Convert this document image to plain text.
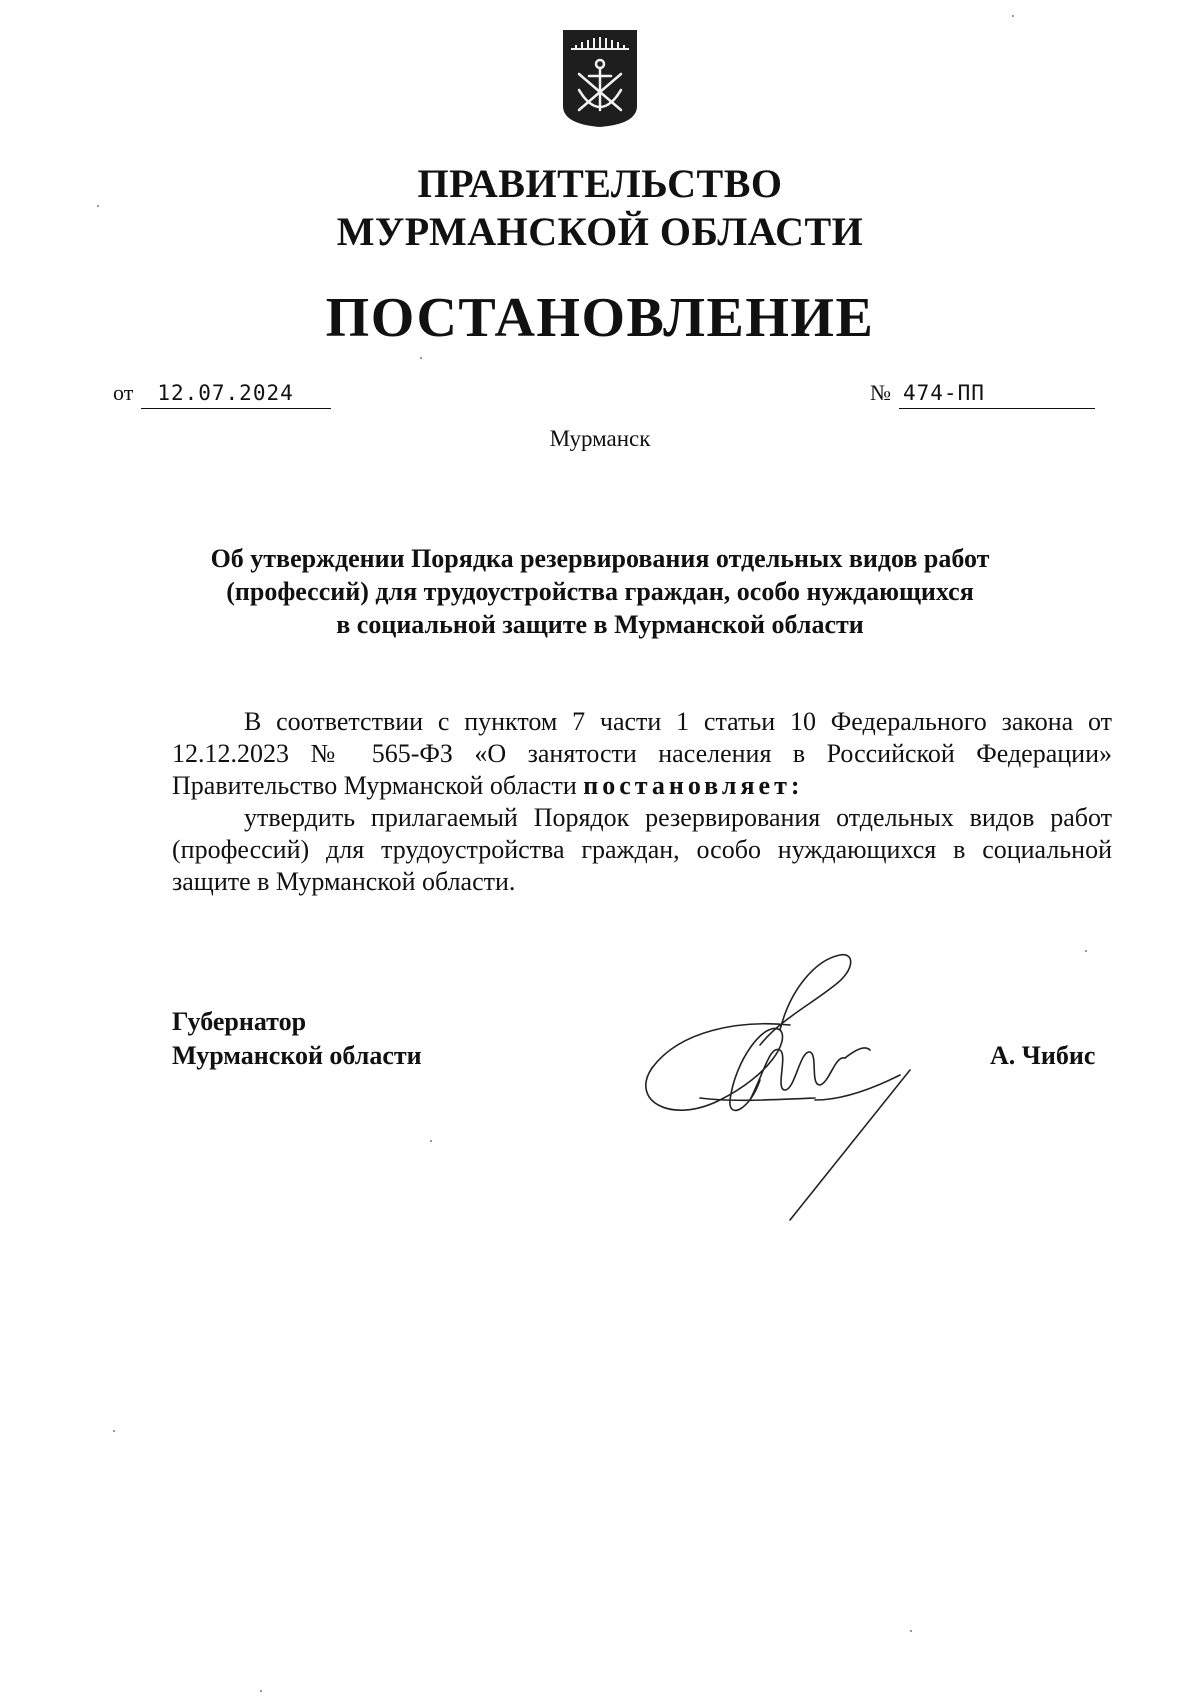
ПРАВИТЕЛЬСТВО
МУРМАНСКОЙ ОБЛАСТИ
ПОСТАНОВЛЕНИЕ
от 12.07.2024	№ 474-ПП
Мурманск
Об утверждении Порядка резервирования отдельных видов работ
(профессий) для трудоустройства граждан, особо нуждающихся
в социальной защите в Мурманской области

В соответствии с пунктом 7 части 1 статьи 10 Федерального закона от 12.12.2023 № 565-ФЗ «О занятости населения в Российской Федерации» Правительство Мурманской области постановляет:

утвердить прилагаемый Порядок резервирования отдельных видов работ (профессий) для трудоустройства граждан, особо нуждающихся в социальной защите в Мурманской области.

Губернатор
Мурманской области	А. Чибис
